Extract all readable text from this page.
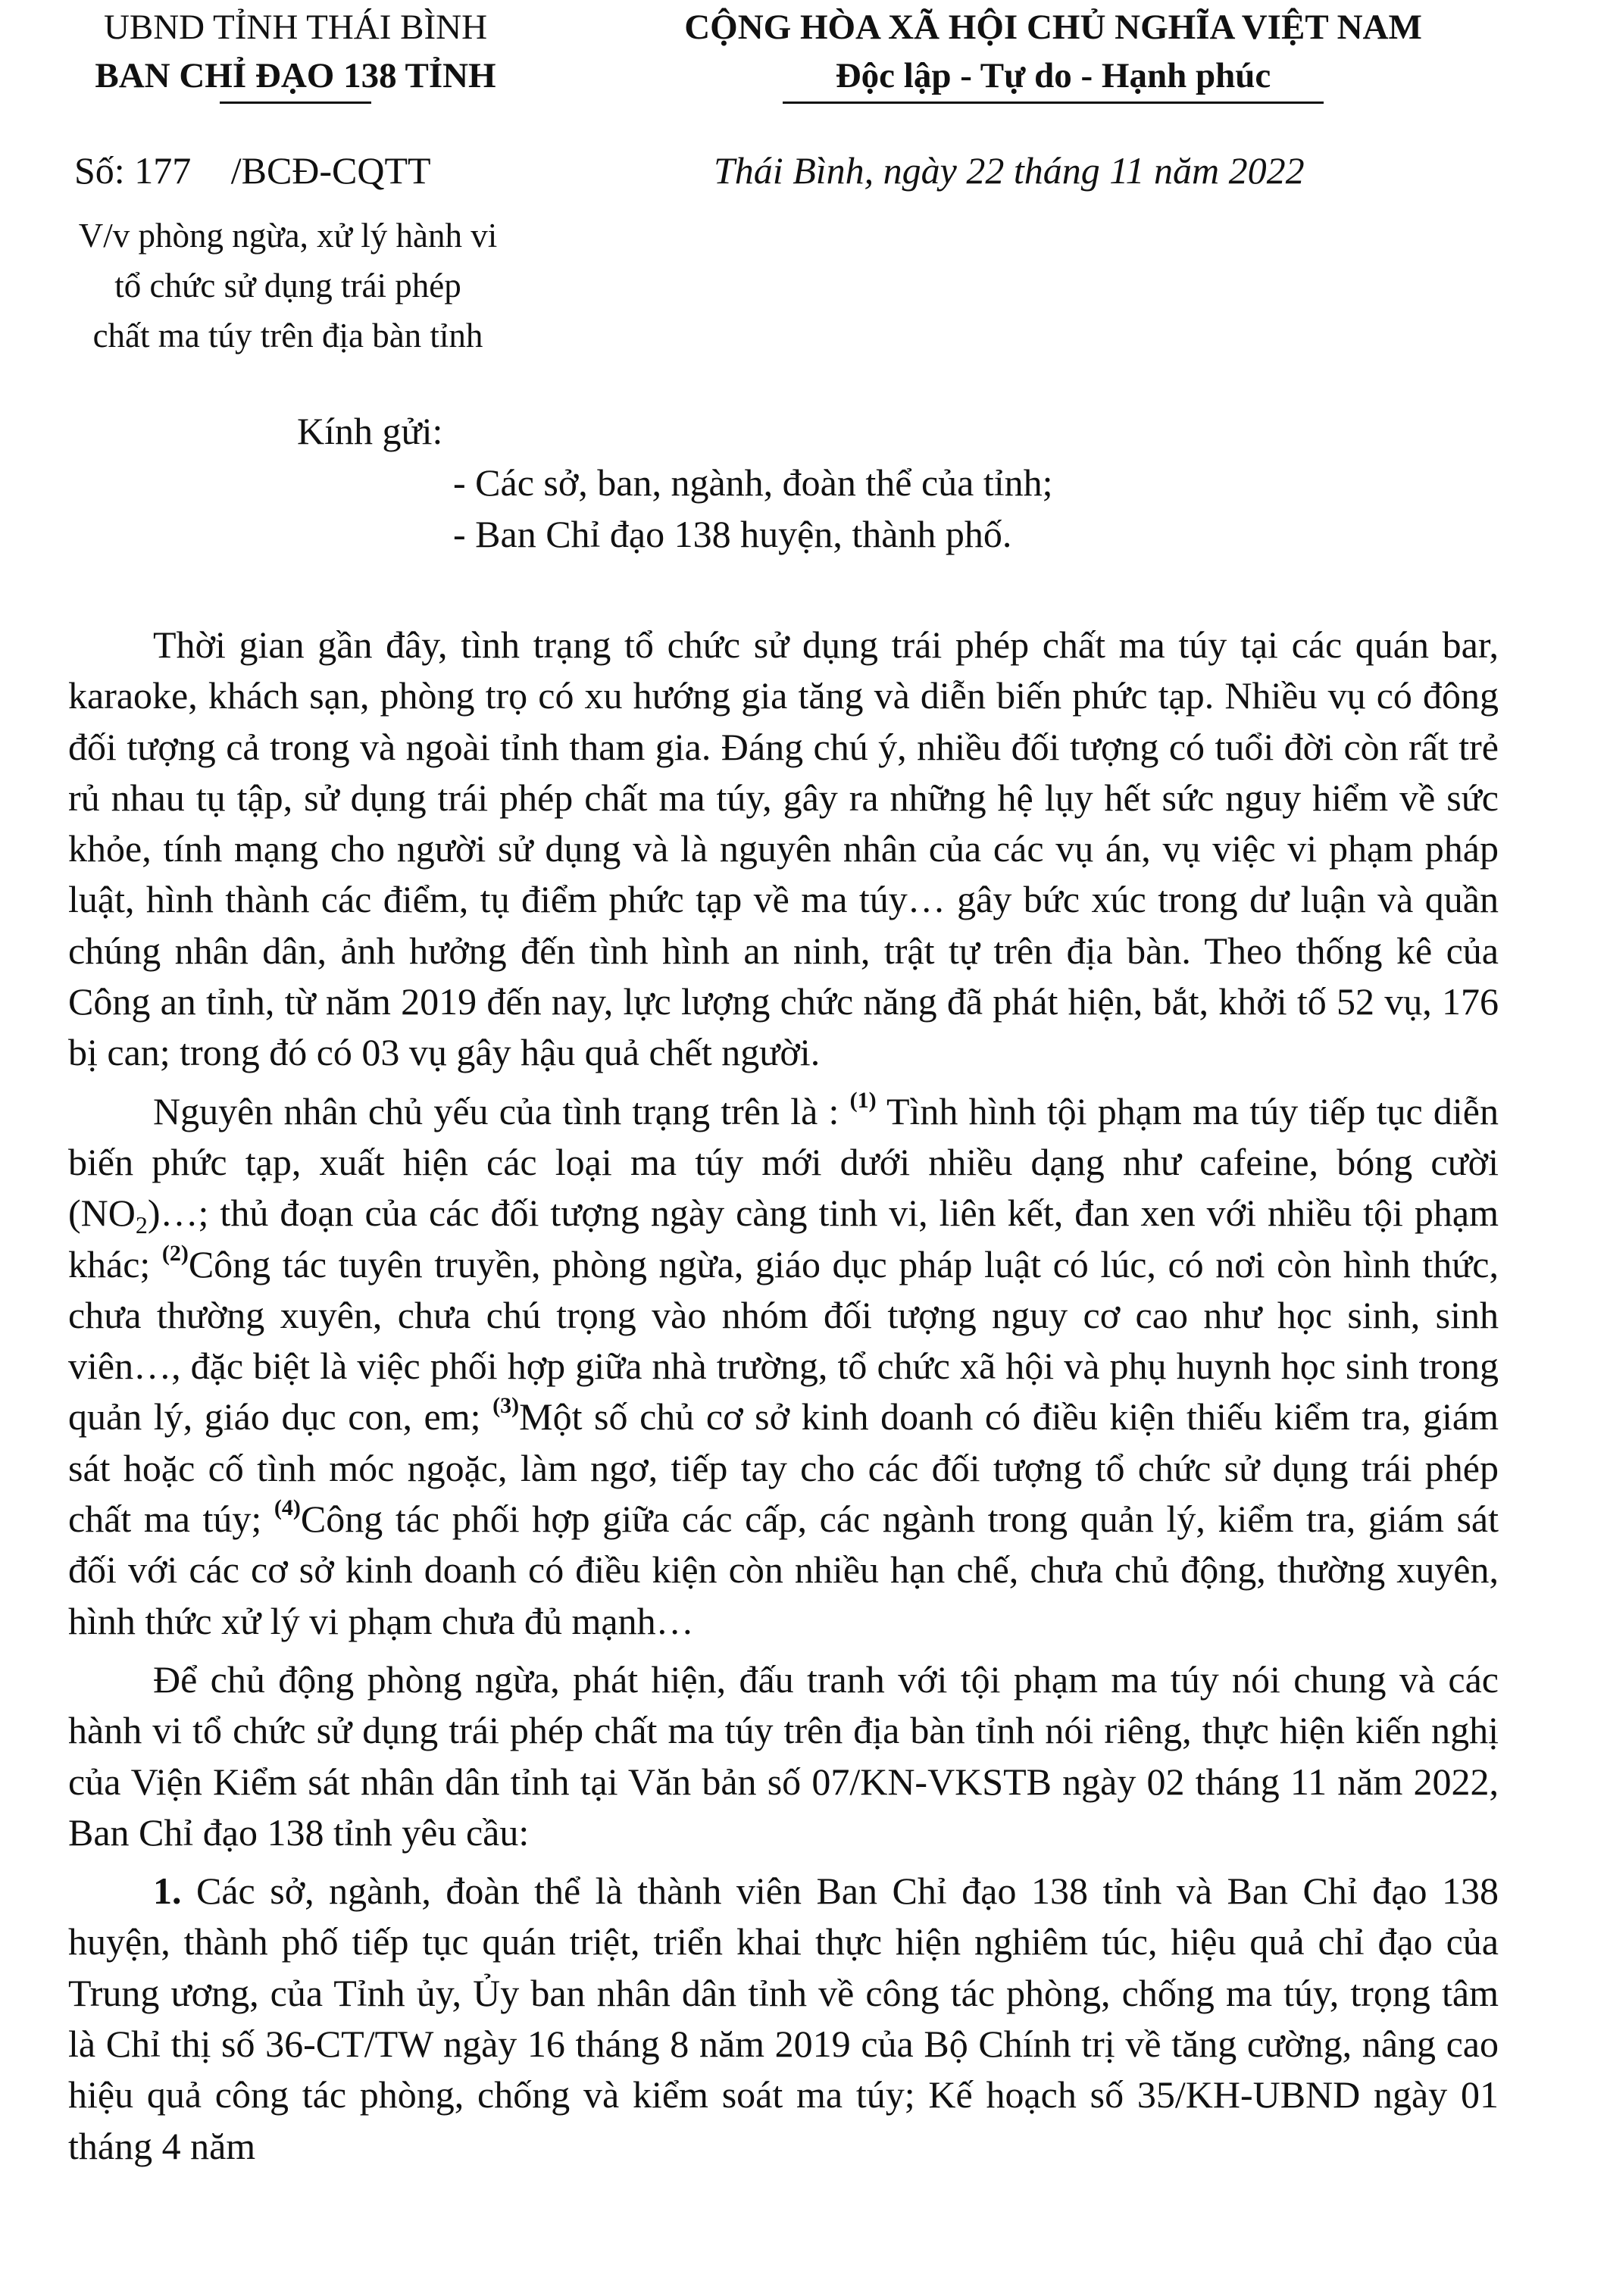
UBND TỈNH THÁI BÌNH
BAN CHỈ ĐẠO 138 TỈNH
CỘNG HÒA XÃ HỘI CHỦ NGHĨA VIỆT NAM
Độc lập - Tự do - Hạnh phúc
Số: 177 /BCĐ-CQTT	Thái Bình, ngày 22 tháng 11 năm 2022
V/v phòng ngừa, xử lý hành vi
tổ chức sử dụng trái phép
chất ma túy trên địa bàn tỉnh
Kính gửi:
- Các sở, ban, ngành, đoàn thể của tỉnh;
- Ban Chỉ đạo 138 huyện, thành phố.

Thời gian gần đây, tình trạng tổ chức sử dụng trái phép chất ma túy tại các quán bar, karaoke, khách sạn, phòng trọ có xu hướng gia tăng và diễn biến phức tạp. Nhiều vụ có đông đối tượng cả trong và ngoài tỉnh tham gia. Đáng chú ý, nhiều đối tượng có tuổi đời còn rất trẻ rủ nhau tụ tập, sử dụng trái phép chất ma túy, gây ra những hệ lụy hết sức nguy hiểm về sức khỏe, tính mạng cho người sử dụng và là nguyên nhân của các vụ án, vụ việc vi phạm pháp luật, hình thành các điểm, tụ điểm phức tạp về ma túy… gây bức xúc trong dư luận và quần chúng nhân dân, ảnh hưởng đến tình hình an ninh, trật tự trên địa bàn. Theo thống kê của Công an tỉnh, từ năm 2019 đến nay, lực lượng chức năng đã phát hiện, bắt, khởi tố 52 vụ, 176 bị can; trong đó có 03 vụ gây hậu quả chết người.

Nguyên nhân chủ yếu của tình trạng trên là : $^{(1)}$ Tình hình tội phạm ma túy tiếp tục diễn biến phức tạp, xuất hiện các loại ma túy mới dưới nhiều dạng như cafeine, bóng cười $(NO_2)\dots$; thủ đoạn của các đối tượng ngày càng tinh vi, liên kết, đan xen với nhiều tội phạm khác; $^{(2)}$Công tác tuyên truyền, phòng ngừa, giáo dục pháp luật có lúc, có nơi còn hình thức, chưa thường xuyên, chưa chú trọng vào nhóm đối tượng nguy cơ cao như học sinh, sinh viên…, đặc biệt là việc phối hợp giữa nhà trường, tổ chức xã hội và phụ huynh học sinh trong quản lý, giáo dục con, em; $^{(3)}$Một số chủ cơ sở kinh doanh có điều kiện thiếu kiểm tra, giám sát hoặc cố tình móc ngoặc, làm ngơ, tiếp tay cho các đối tượng tổ chức sử dụng trái phép chất ma túy; $^{(4)}$Công tác phối hợp giữa các cấp, các ngành trong quản lý, kiểm tra, giám sát đối với các cơ sở kinh doanh có điều kiện còn nhiều hạn chế, chưa chủ động, thường xuyên, hình thức xử lý vi phạm chưa đủ mạnh…

Để chủ động phòng ngừa, phát hiện, đấu tranh với tội phạm ma túy nói chung và các hành vi tổ chức sử dụng trái phép chất ma túy trên địa bàn tỉnh nói riêng, thực hiện kiến nghị của Viện Kiểm sát nhân dân tỉnh tại Văn bản số 07/KN-VKSTB ngày 02 tháng 11 năm 2022, Ban Chỉ đạo 138 tỉnh yêu cầu:

1. Các sở, ngành, đoàn thể là thành viên Ban Chỉ đạo 138 tỉnh và Ban Chỉ đạo 138 huyện, thành phố tiếp tục quán triệt, triển khai thực hiện nghiêm túc, hiệu quả chỉ đạo của Trung ương, của Tỉnh ủy, Ủy ban nhân dân tỉnh về công tác phòng, chống ma túy, trọng tâm là Chỉ thị số 36-CT/TW ngày 16 tháng 8 năm 2019 của Bộ Chính trị về tăng cường, nâng cao hiệu quả công tác phòng, chống và kiểm soát ma túy; Kế hoạch số 35/KH-UBND ngày 01 tháng 4 năm
